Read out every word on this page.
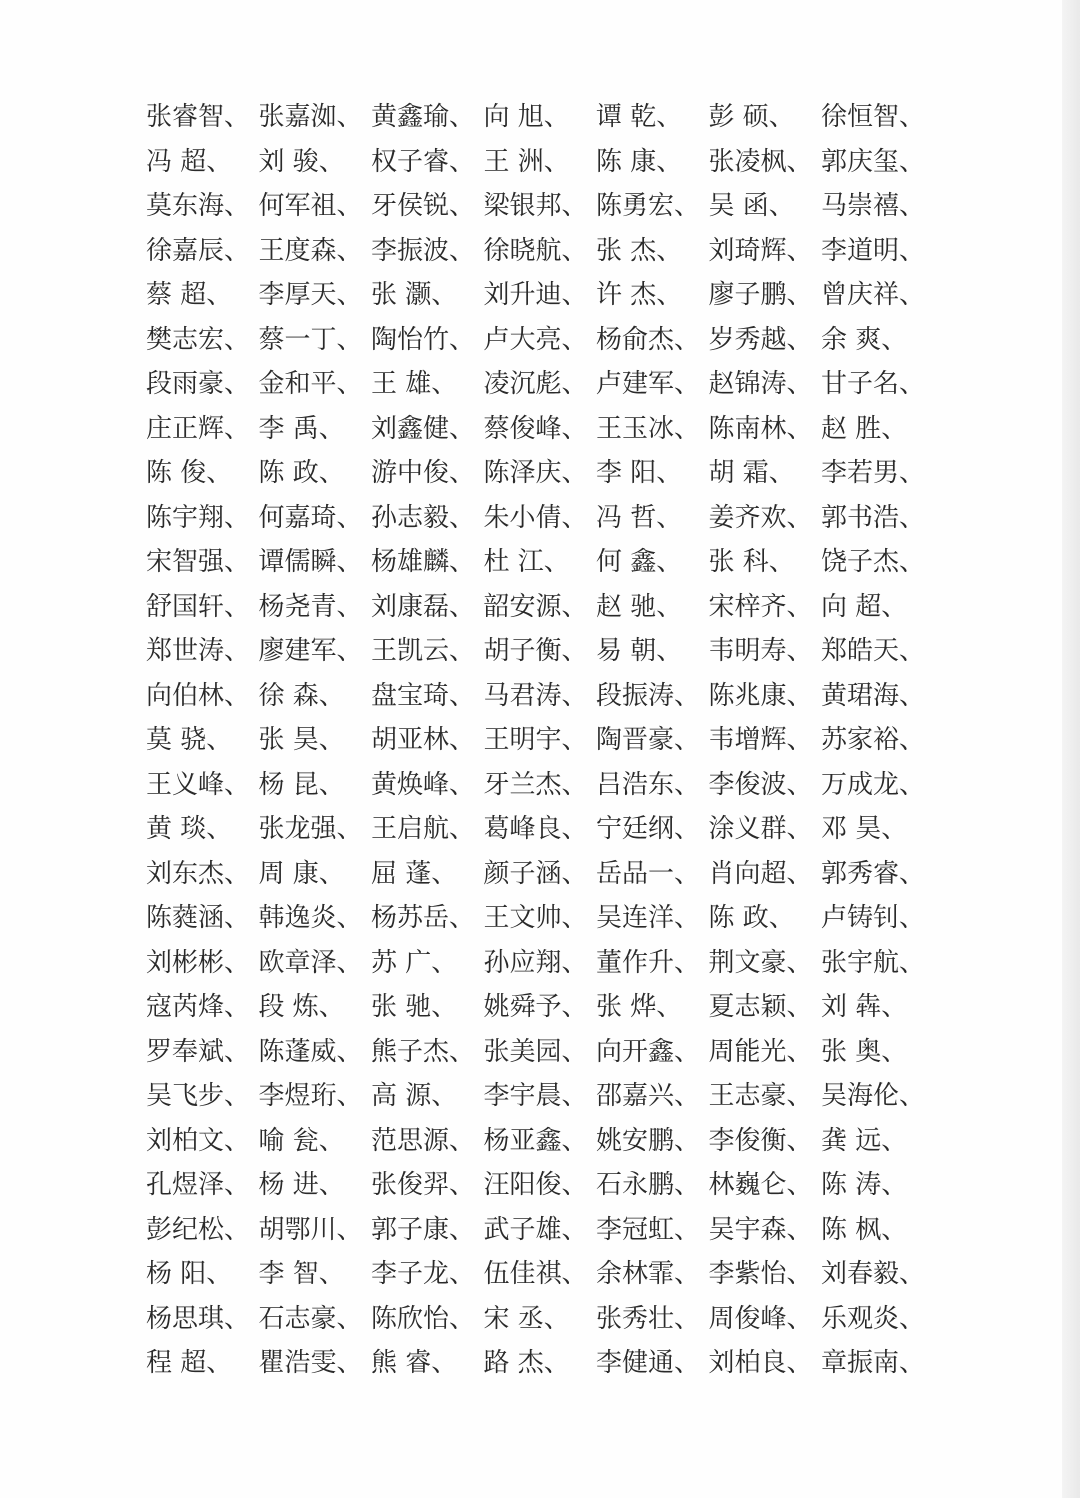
张睿智、 张嘉洳、 黄鑫瑜、 向 旭、	谭 乾、	彭 硕、	徐恒智、
冯 超、	刘 骏、	权子睿、 王 洲、	陈 康、	张凌枫、 郭庆玺、
莫东海、 何军祖、 牙侯锐、 梁银邦、 陈勇宏、 吴 函、	马崇禧、
徐嘉辰、 王度森、 李振波、 徐晓航、 张 杰、	刘琦辉、 李道明、
蔡 超、	李厚天、 张 灏、	刘升迪、 许 杰、	廖子鹏、 曾庆祥、
樊志宏、 蔡一丁、 陶怡竹、 卢大亮、 杨俞杰、 岁秀越、 余 爽、
段雨豪、 金和平、 王 雄、	凌沉彪、 卢建军、 赵锦涛、 甘子名、
庄正辉、 李 禹、	刘鑫健、 蔡俊峰、 王玉冰、 陈南林、 赵 胜、
陈 俊、	陈 政、	游中俊、 陈泽庆、 李 阳、	胡 霜、	李若男、
陈宇翔、 何嘉琦、 孙志毅、 朱小倩、 冯 哲、	姜齐欢、 郭书浩、
宋智强、 谭儒瞬、 杨雄麟、 杜 江、	何 鑫、	张 科、	饶子杰、
舒国轩、 杨尧青、 刘康磊、 韶安源、 赵 驰、	宋梓齐、 向 超、
郑世涛、 廖建军、 王凯云、 胡子衡、 易 朝、	韦明寿、 郑皓天、
向伯林、 徐 森、	盘宝琦、 马君涛、 段振涛、 陈兆康、 黄珺海、
莫 骁、	张 昊、	胡亚林、 王明宇、 陶晋豪、 韦增辉、 苏家裕、
王义峰、 杨 昆、	黄焕峰、 牙兰杰、 吕浩东、 李俊波、 万成龙、
黄 琰、	张龙强、 王启航、 葛峰良、 宁廷纲、 涂义群、 邓 昊、
刘东杰、 周 康、	屈 蓬、	颜子涵、 岳品一、 肖向超、 郭秀睿、
陈蕤涵、 韩逸炎、 杨苏岳、 王文帅、 吴连洋、 陈 政、	卢铸钊、
刘彬彬、 欧章泽、 苏 广、	孙应翔、 董作升、 荆文豪、 张宇航、
寇芮烽、 段 炼、	张 驰、	姚舜予、 张 烨、	夏志颖、 刘 犇、
罗奉斌、 陈蓬威、 熊子杰、 张美园、 向开鑫、 周能光、 张 奥、
吴飞步、 李煜珩、 高 源、	李宇晨、 邵嘉兴、 王志豪、 吴海伦、
刘柏文、 喻 瓮、	范思源、 杨亚鑫、 姚安鹏、 李俊衡、 龚 远、
孔煜泽、 杨 进、	张俊羿、 汪阳俊、 石永鹏、 林巍仑、 陈 涛、
彭纪松、 胡鄂川、 郭子康、 武子雄、 李冠虹、 吴宇森、 陈 枫、
杨 阳、	李 智、	李子龙、 伍佳祺、 余林霏、 李紫怡、 刘春毅、
杨思琪、 石志豪、 陈欣怡、 宋 丞、	张秀壮、 周俊峰、 乐观炎、
程 超、	瞿浩雯、 熊 睿、	路 杰、	李健通、 刘柏良、 章振南、
